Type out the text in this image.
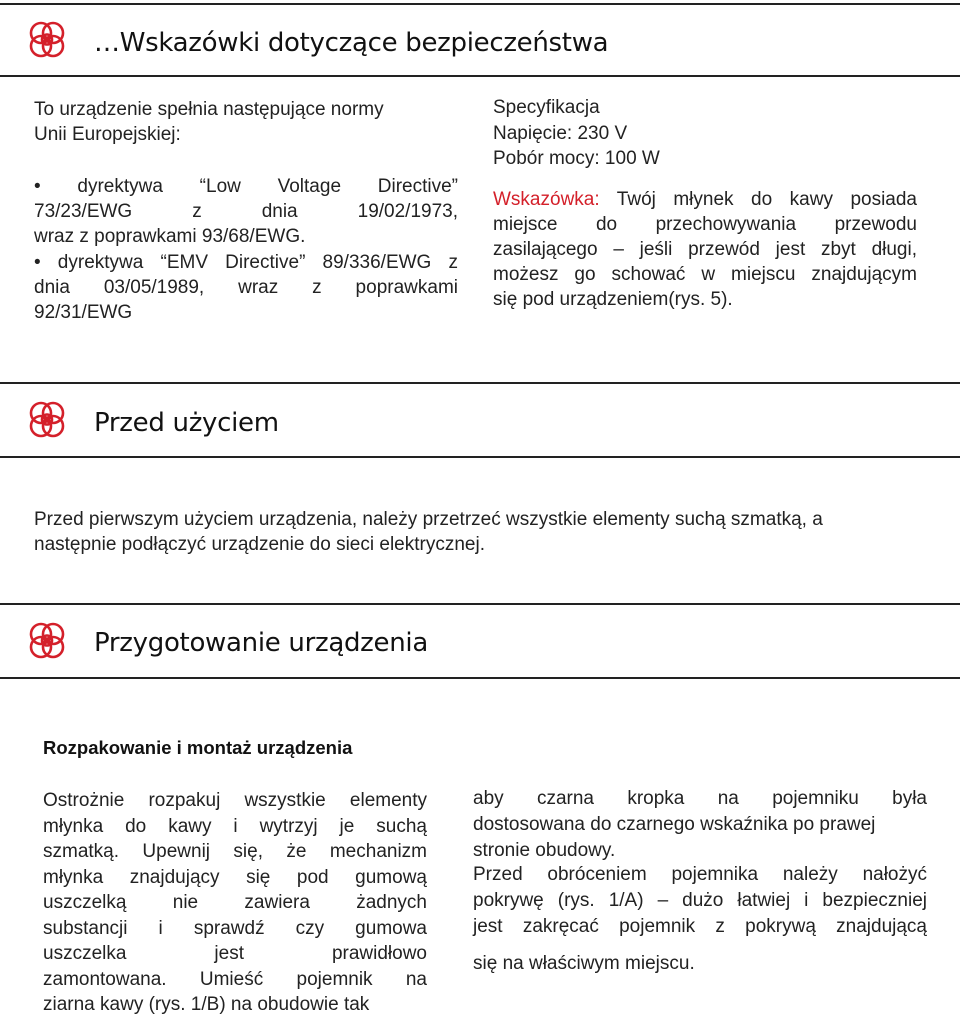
…Wskazówki dotyczące bezpieczeństwa
To urządzenie spełnia następujące normy
Unii Europejskiej:
• dyrektywa “Low Voltage Directive”
73/23/EWG z dnia 19/02/1973,
wraz z poprawkami 93/68/EWG.
• dyrektywa “EMV Directive” 89/336/EWG z
dnia 03/05/1989, wraz z poprawkami
92/31/EWG
Specyfikacja
Napięcie: 230 V
Pobór mocy: 100 W
Wskazówka: Twój młynek do kawy posiada
miejsce do przechowywania przewodu
zasilającego – jeśli przewód jest zbyt długi,
możesz go schować w miejscu znajdującym
się pod urządzeniem(rys. 5).
Przed użyciem
Przed pierwszym użyciem urządzenia, należy przetrzeć wszystkie elementy suchą szmatką, a
następnie podłączyć urządzenie do sieci elektrycznej.
Przygotowanie urządzenia
Rozpakowanie i montaż urządzenia
Ostrożnie rozpakuj wszystkie elementy
młynka do kawy i wytrzyj je suchą
szmatką. Upewnij się, że mechanizm
młynka znajdujący się pod gumową
uszczelką nie zawiera żadnych
substancji i sprawdź czy gumowa
uszczelka jest prawidłowo
zamontowana. Umieść pojemnik na
ziarna kawy (rys. 1/B) na obudowie tak
aby czarna kropka na pojemniku była
dostosowana do czarnego wskaźnika po prawej
stronie obudowy.
Przed obróceniem pojemnika należy nałożyć
pokrywę (rys. 1/A) – dużo łatwiej i bezpieczniej
jest zakręcać pojemnik z pokrywą znajdującą
się na właściwym miejscu.
